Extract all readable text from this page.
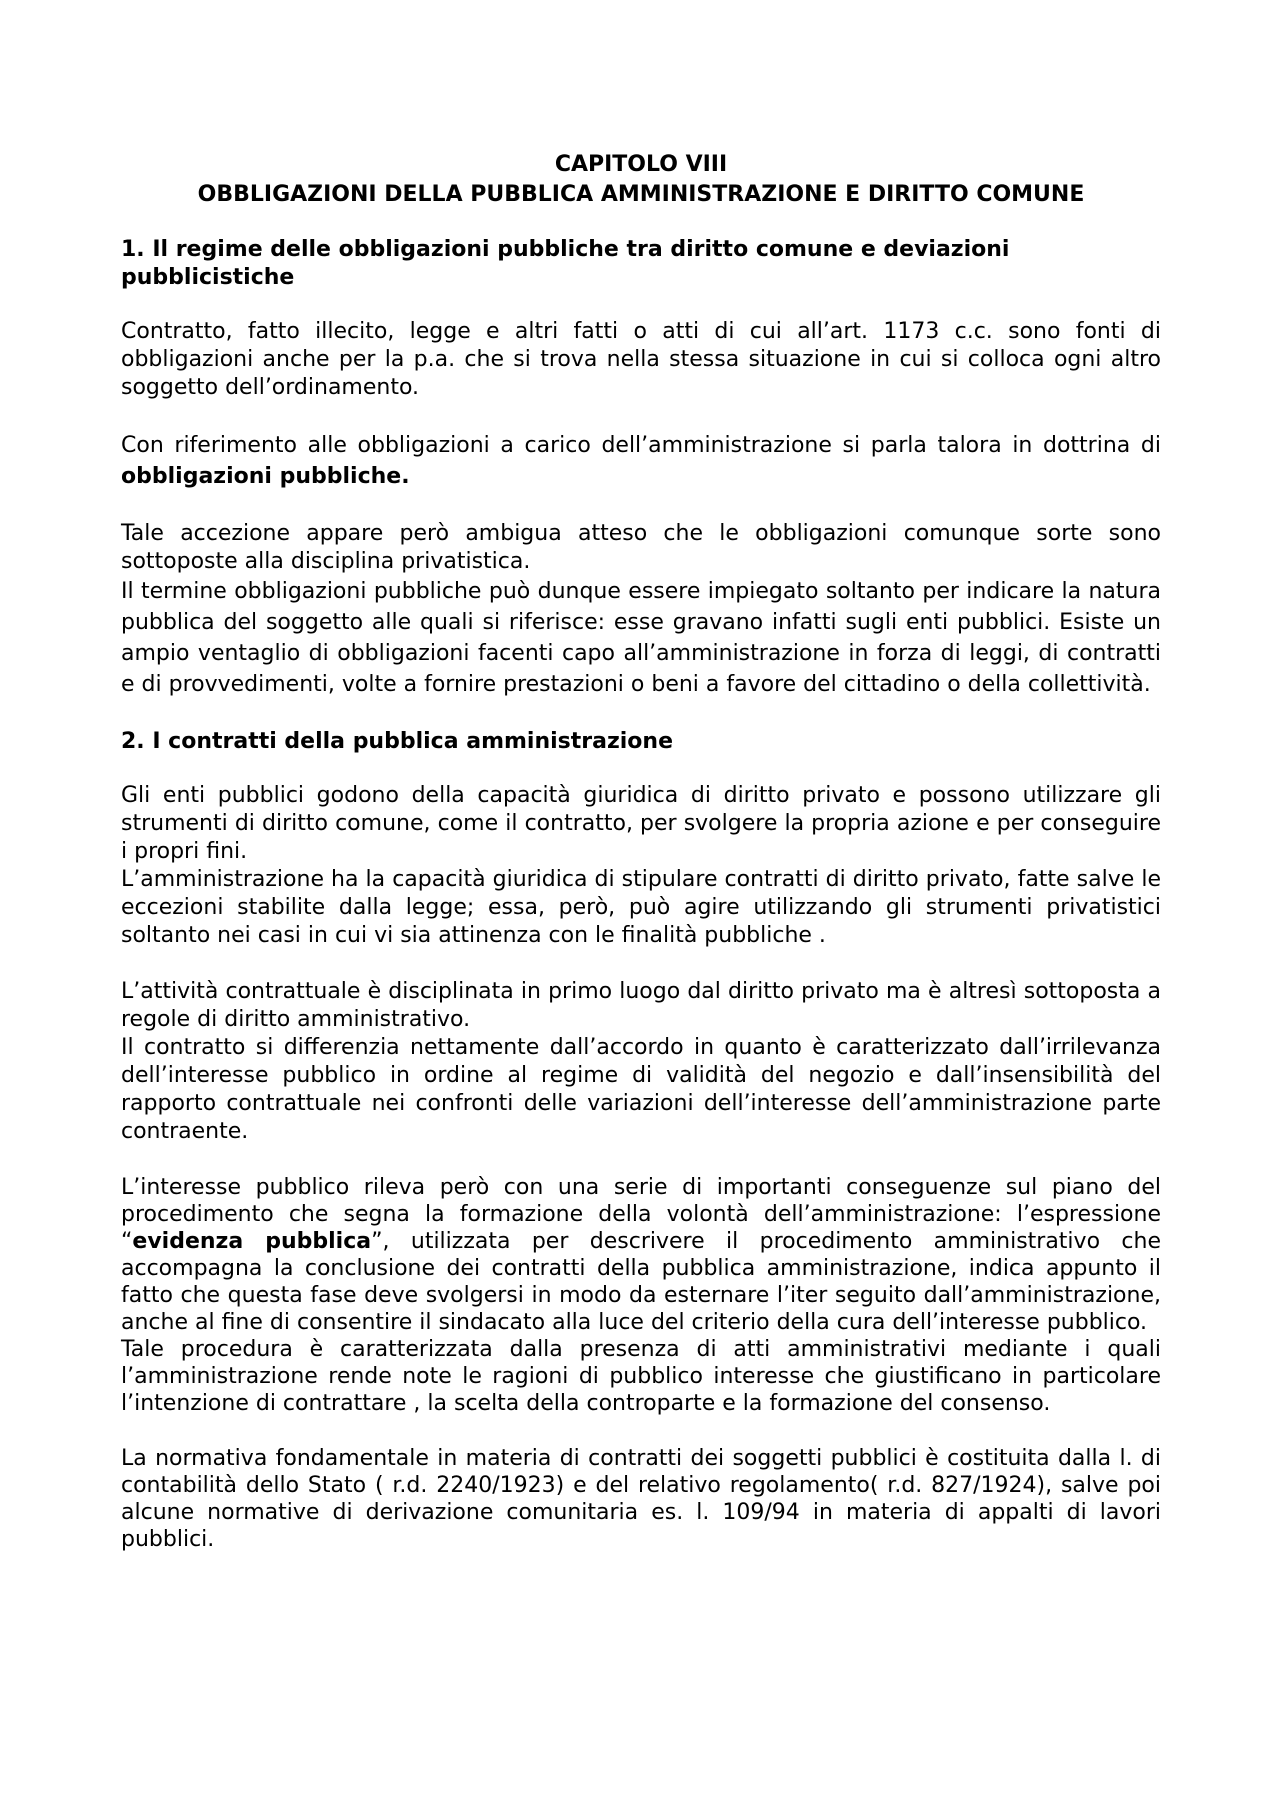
CAPITOLO VIII
OBBLIGAZIONI DELLA PUBBLICA AMMINISTRAZIONE E DIRITTO COMUNE
1. Il regime delle obbligazioni pubbliche tra diritto comune e deviazioni pubblicistiche

Contratto, fatto illecito, legge e altri fatti o atti di cui all’art. 1173 c.c. sono fonti di obbligazioni anche per la p.a. che si trova nella stessa situazione in cui si colloca ogni altro soggetto dell’ordinamento.

Con riferimento alle obbligazioni a carico dell’amministrazione si parla talora in dottrina di obbligazioni pubbliche.

Tale accezione appare però ambigua atteso che le obbligazioni comunque sorte sono sottoposte alla disciplina privatistica.

Il termine obbligazioni pubbliche può dunque essere impiegato soltanto per indicare la natura pubblica del soggetto alle quali si riferisce: esse gravano infatti sugli enti pubblici. Esiste un ampio ventaglio di obbligazioni facenti capo all’amministrazione in forza di leggi, di contratti e di provvedimenti, volte a fornire prestazioni o beni a favore del cittadino o della collettività.

2. I contratti della pubblica amministrazione

Gli enti pubblici godono della capacità giuridica di diritto privato e possono utilizzare gli strumenti di diritto comune, come il contratto, per svolgere la propria azione e per conseguire i propri fini.

L’amministrazione ha la capacità giuridica di stipulare contratti di diritto privato, fatte salve le eccezioni stabilite dalla legge; essa, però, può agire utilizzando gli strumenti privatistici soltanto nei casi in cui vi sia attinenza con le finalità pubbliche .

L’attività contrattuale è disciplinata in primo luogo dal diritto privato ma è altresì sottoposta a regole di diritto amministrativo.

Il contratto si differenzia nettamente dall’accordo in quanto è caratterizzato dall’irrilevanza dell’interesse pubblico in ordine al regime di validità del negozio e dall’insensibilità del rapporto contrattuale nei confronti delle variazioni dell’interesse dell’amministrazione parte contraente.

L’interesse pubblico rileva però con una serie di importanti conseguenze sul piano del procedimento che segna la formazione della volontà dell’amministrazione: l’espressione “evidenza pubblica”, utilizzata per descrivere il procedimento amministrativo che accompagna la conclusione dei contratti della pubblica amministrazione, indica appunto il fatto che questa fase deve svolgersi in modo da esternare l’iter seguito dall’amministrazione, anche al fine di consentire il sindacato alla luce del criterio della cura dell’interesse pubblico.

Tale procedura è caratterizzata dalla presenza di atti amministrativi mediante i quali l’amministrazione rende note le ragioni di pubblico interesse che giustificano in particolare l’intenzione di contrattare , la scelta della controparte e la formazione del consenso.

La normativa fondamentale in materia di contratti dei soggetti pubblici è costituita dalla l. di contabilità dello Stato ( r.d. 2240/1923) e del relativo regolamento( r.d. 827/1924), salve poi alcune normative di derivazione comunitaria es. l. 109/94 in materia di appalti di lavori pubblici.
